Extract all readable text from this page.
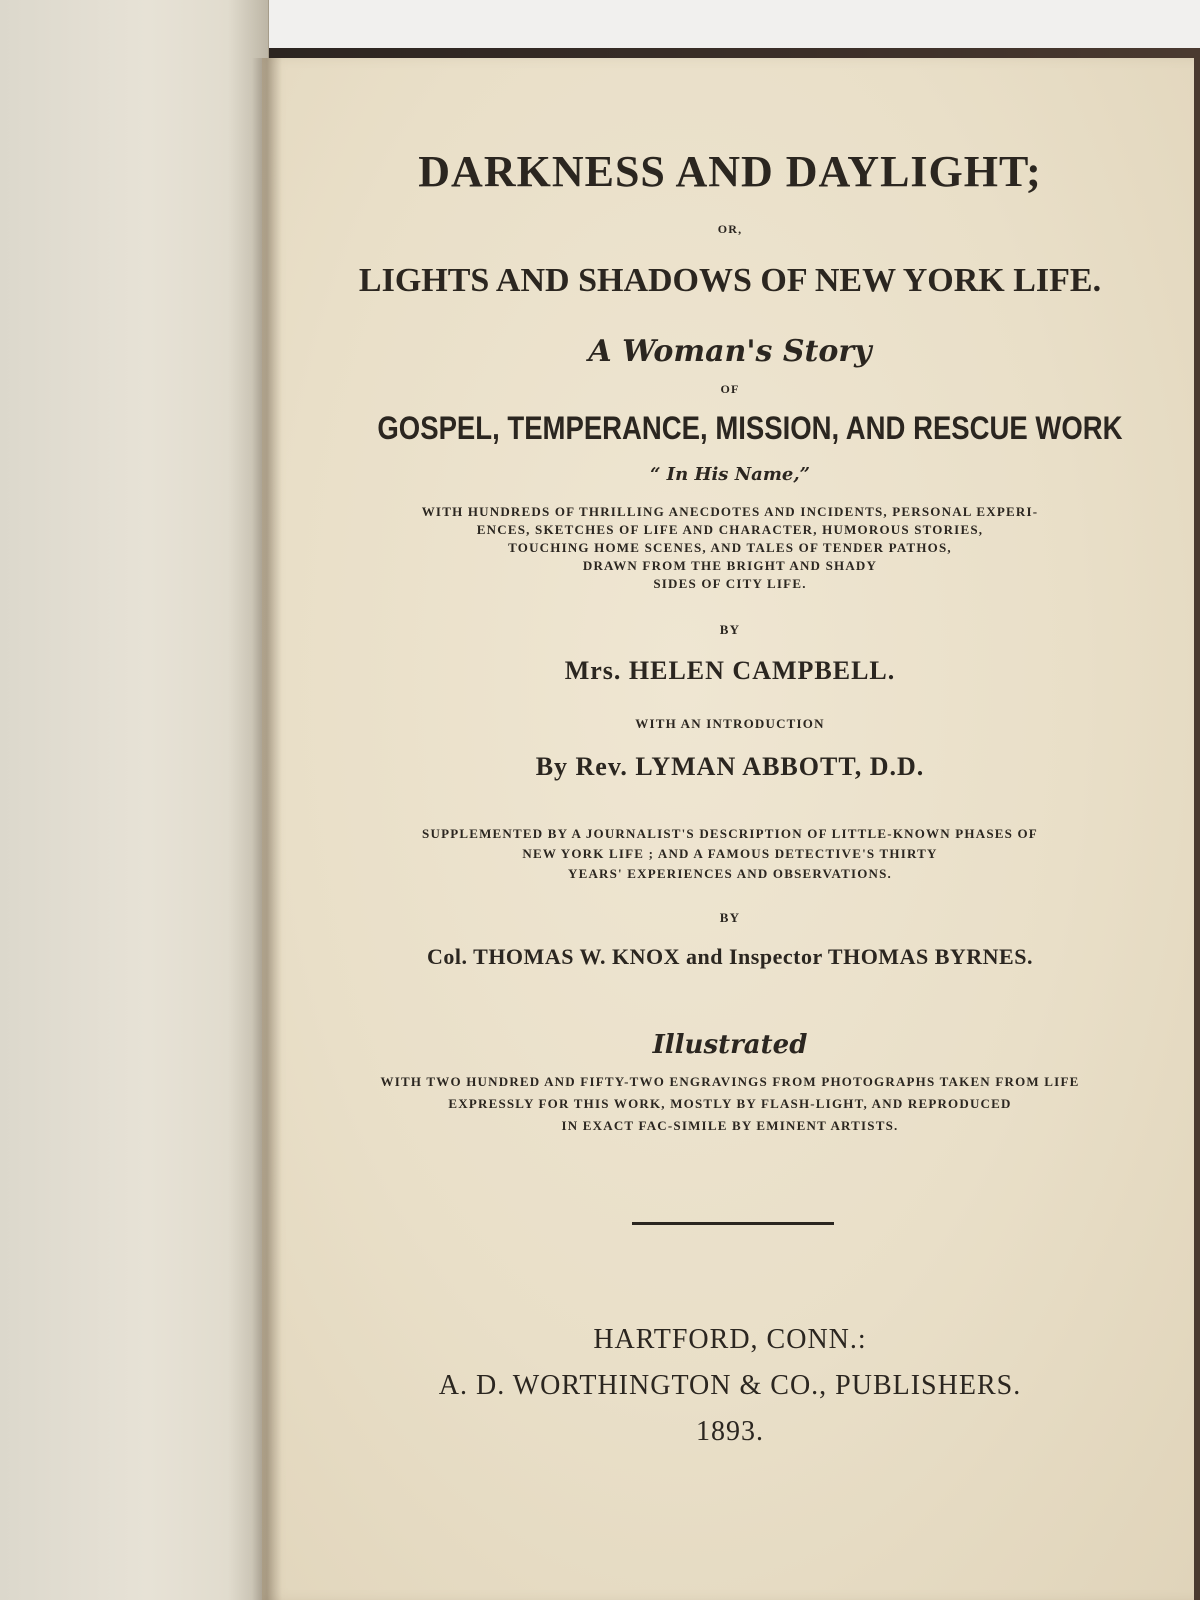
DARKNESS AND DAYLIGHT;

OR,

LIGHTS AND SHADOWS OF NEW YORK LIFE.

A Woman's Story

OF

GOSPEL, TEMPERANCE, MISSION, AND RESCUE WORK

“ In His Name,”

WITH HUNDREDS OF THRILLING ANECDOTES AND INCIDENTS, PERSONAL EXPERI-

ENCES, SKETCHES OF LIFE AND CHARACTER, HUMOROUS STORIES,

TOUCHING HOME SCENES, AND TALES OF TENDER PATHOS,

DRAWN FROM THE BRIGHT AND SHADY

SIDES OF CITY LIFE.

BY

Mrs. HELEN CAMPBELL.

WITH AN INTRODUCTION

By Rev. LYMAN ABBOTT, D.D.

SUPPLEMENTED BY A JOURNALIST'S DESCRIPTION OF LITTLE-KNOWN PHASES OF

NEW YORK LIFE ; AND A FAMOUS DETECTIVE'S THIRTY

YEARS' EXPERIENCES AND OBSERVATIONS.

BY

Col. THOMAS W. KNOX and Inspector THOMAS BYRNES.

Illustrated

WITH TWO HUNDRED AND FIFTY-TWO ENGRAVINGS FROM PHOTOGRAPHS TAKEN FROM LIFE

EXPRESSLY FOR THIS WORK, MOSTLY BY FLASH-LIGHT, AND REPRODUCED

IN EXACT FAC-SIMILE BY EMINENT ARTISTS.

HARTFORD, CONN.:

A. D. WORTHINGTON & CO., PUBLISHERS.

1893.
